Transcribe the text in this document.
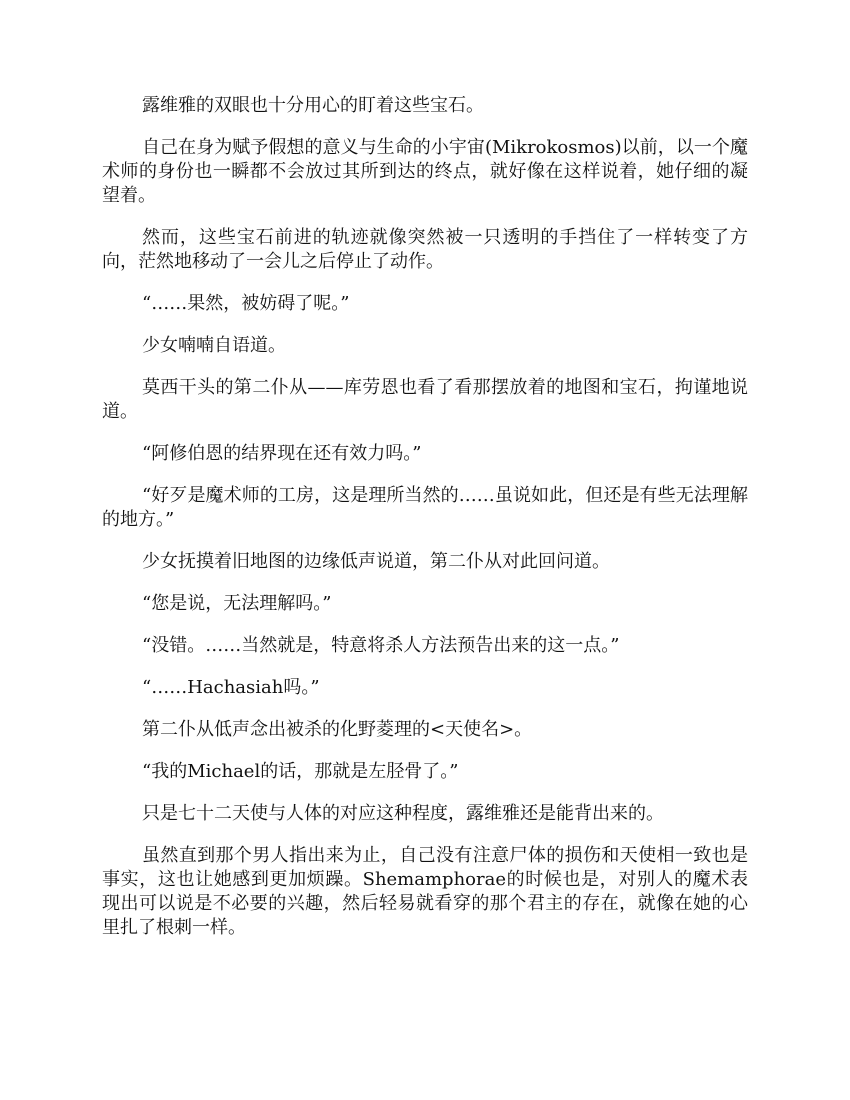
露维雅的双眼也十分用心的盯着这些宝石。

自己在身为赋予假想的意义与生命的小宇宙(Mikrokosmos)以前，以一个魔术师的身份也一瞬都不会放过其所到达的终点，就好像在这样说着，她仔细的凝望着。

然而，这些宝石前进的轨迹就像突然被一只透明的手挡住了一样转变了方向，茫然地移动了一会儿之后停止了动作。

“……果然，被妨碍了呢。”

少女喃喃自语道。

莫西干头的第二仆从——库劳恩也看了看那摆放着的地图和宝石，拘谨地说道。

“阿修伯恩的结界现在还有效力吗。”

“好歹是魔术师的工房，这是理所当然的……虽说如此，但还是有些无法理解的地方。”

少女抚摸着旧地图的边缘低声说道，第二仆从对此回问道。

“您是说，无法理解吗。”

“没错。……当然就是，特意将杀人方法预告出来的这一点。”

“……Hachasiah吗。”

第二仆从低声念出被杀的化野菱理的<天使名>。

“我的Michael的话，那就是左胫骨了。”

只是七十二天使与人体的对应这种程度，露维雅还是能背出来的。

虽然直到那个男人指出来为止，自己没有注意尸体的损伤和天使相一致也是事实，这也让她感到更加烦躁。Shemamphorae的时候也是，对别人的魔术表现出可以说是不必要的兴趣，然后轻易就看穿的那个君主的存在，就像在她的心里扎了根刺一样。
